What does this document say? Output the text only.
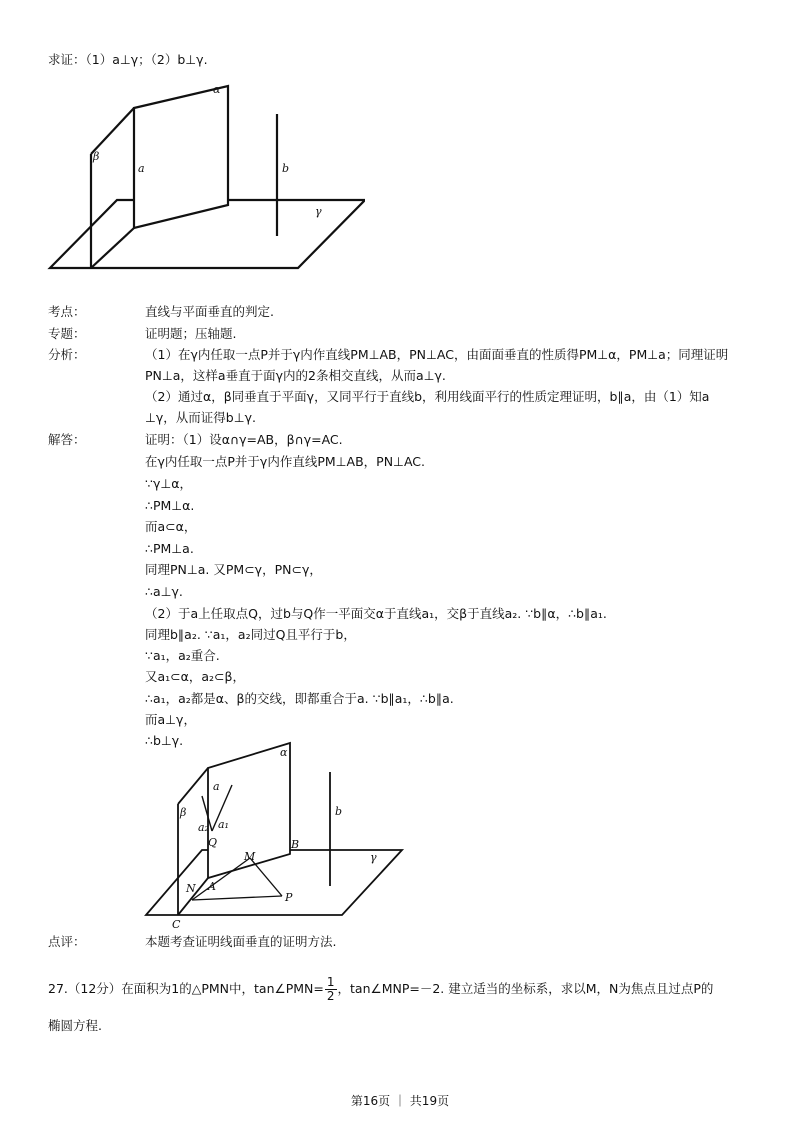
求证：（1）a⊥γ；（2）b⊥γ.
α
β
a	b
γ
考点：	直线与平面垂直的判定.
专题：	证明题；压轴题.
分析：	（1）在γ内任取一点P并于γ内作直线PM⊥AB，PN⊥AC，由面面垂直的性质得PM⊥α，PM⊥a；同理证明
PN⊥a，这样a垂直于面γ内的2条相交直线，从而a⊥γ.
（2）通过α，β同垂直于平面γ，又同平行于直线b，利用线面平行的性质定理证明，b∥a，由（1）知a
⊥γ，从而证得b⊥γ.
解答：	证明：（1）设α∩γ=AB，β∩γ=AC.
在γ内任取一点P并于γ内作直线PM⊥AB，PN⊥AC.
∵γ⊥α，
∴PM⊥α.
而a⊂α，
∴PM⊥a.
同理PN⊥a. 又PM⊂γ，PN⊂γ，
∴a⊥γ.
（2）于a上任取点Q，过b与Q作一平面交α于直线a₁，交β于直线a₂. ∵b∥α，∴b∥a₁.
同理b∥a₂. ∵a₁，a₂同过Q且平行于b，
∵a₁，a₂重合.
又a₁⊂α，a₂⊂β，
∴a₁，a₂都是α、β的交线，即都重合于a. ∵b∥a₁，∴b∥a.
而a⊥γ，
∴b⊥γ.
α
β
a
a₂ a₁
Q
b
B
M	γ
N A
P
C
点评：	本题考查证明线面垂直的证明方法.
27.（12分）在面积为1的△PMN中，tan∠PMN= $\frac{1}{2}$ ，tan∠MNP=－2. 建立适当的坐标系，求以M，N为焦点且过点P的
椭圆方程.
第16页 ｜ 共19页
